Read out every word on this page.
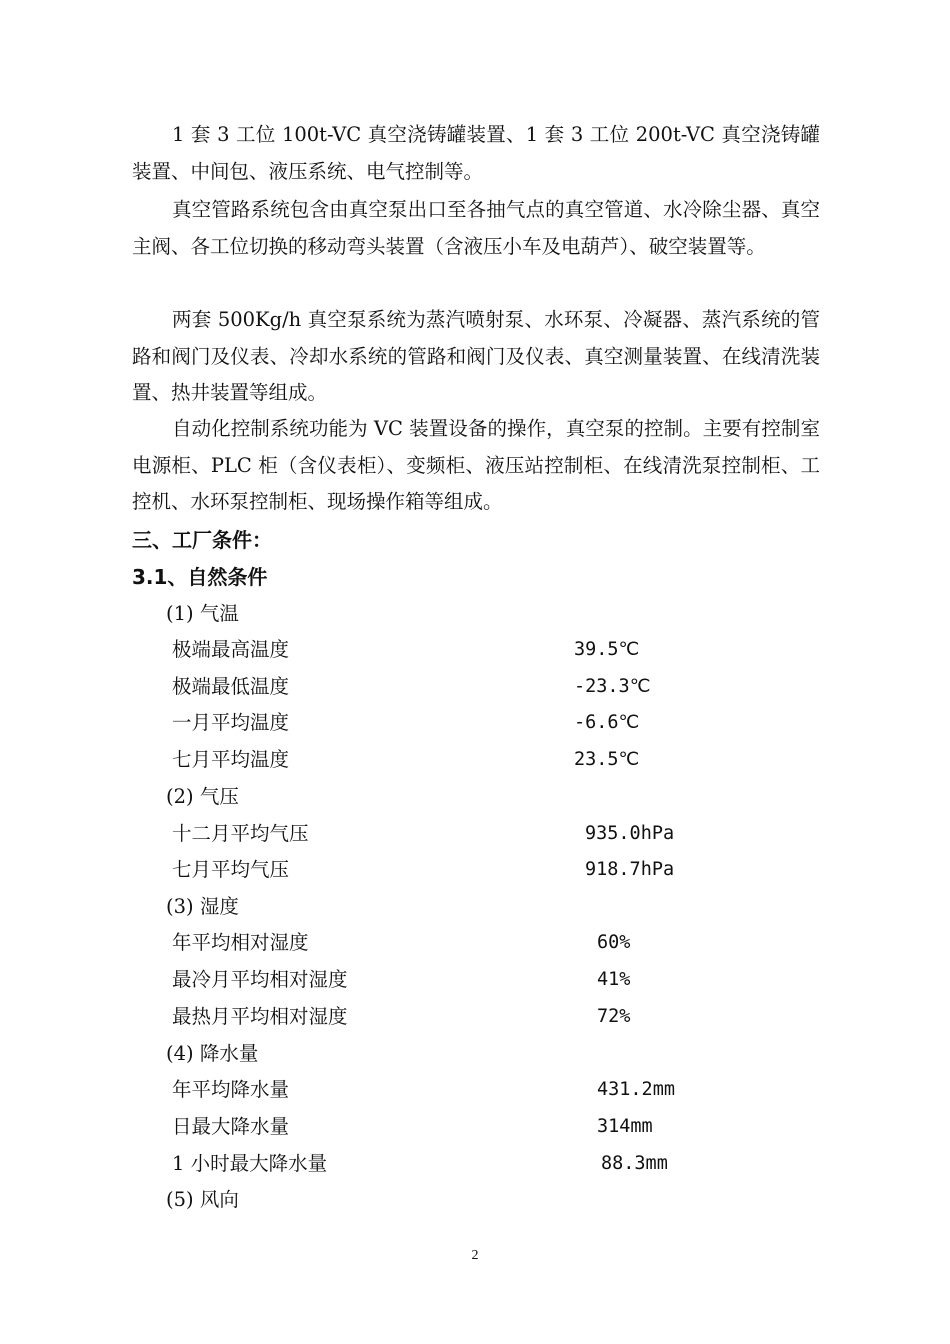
1 套 3 工位 100t-VC 真空浇铸罐装置、1 套 3 工位 200t-VC 真空浇铸罐装置、中间包、液压系统、电气控制等。

真空管路系统包含由真空泵出口至各抽气点的真空管道、水冷除尘器、真空主阀、各工位切换的移动弯头装置（含液压小车及电葫芦）、破空装置等。

两套 500Kg/h 真空泵系统为蒸汽喷射泵、水环泵、冷凝器、蒸汽系统的管路和阀门及仪表、冷却水系统的管路和阀门及仪表、真空测量装置、在线清洗装置、热井装置等组成。

自动化控制系统功能为 VC 装置设备的操作，真空泵的控制。主要有控制室电源柜、PLC 柜（含仪表柜）、变频柜、液压站控制柜、在线清洗泵控制柜、工控机、水环泵控制柜、现场操作箱等组成。

三、工厂条件：
3.1、自然条件
(1) 气温
极端最高温度	39.5℃
极端最低温度	-23.3℃
一月平均温度	-6.6℃
七月平均温度	23.5℃
(2) 气压
十二月平均气压	935.0hPa
七月平均气压	918.7hPa
(3) 湿度
年平均相对湿度	60%
最冷月平均相对湿度	41%
最热月平均相对湿度	72%
(4) 降水量
年平均降水量	431.2mm
日最大降水量	314mm
1 小时最大降水量	88.3mm
(5) 风向
2
